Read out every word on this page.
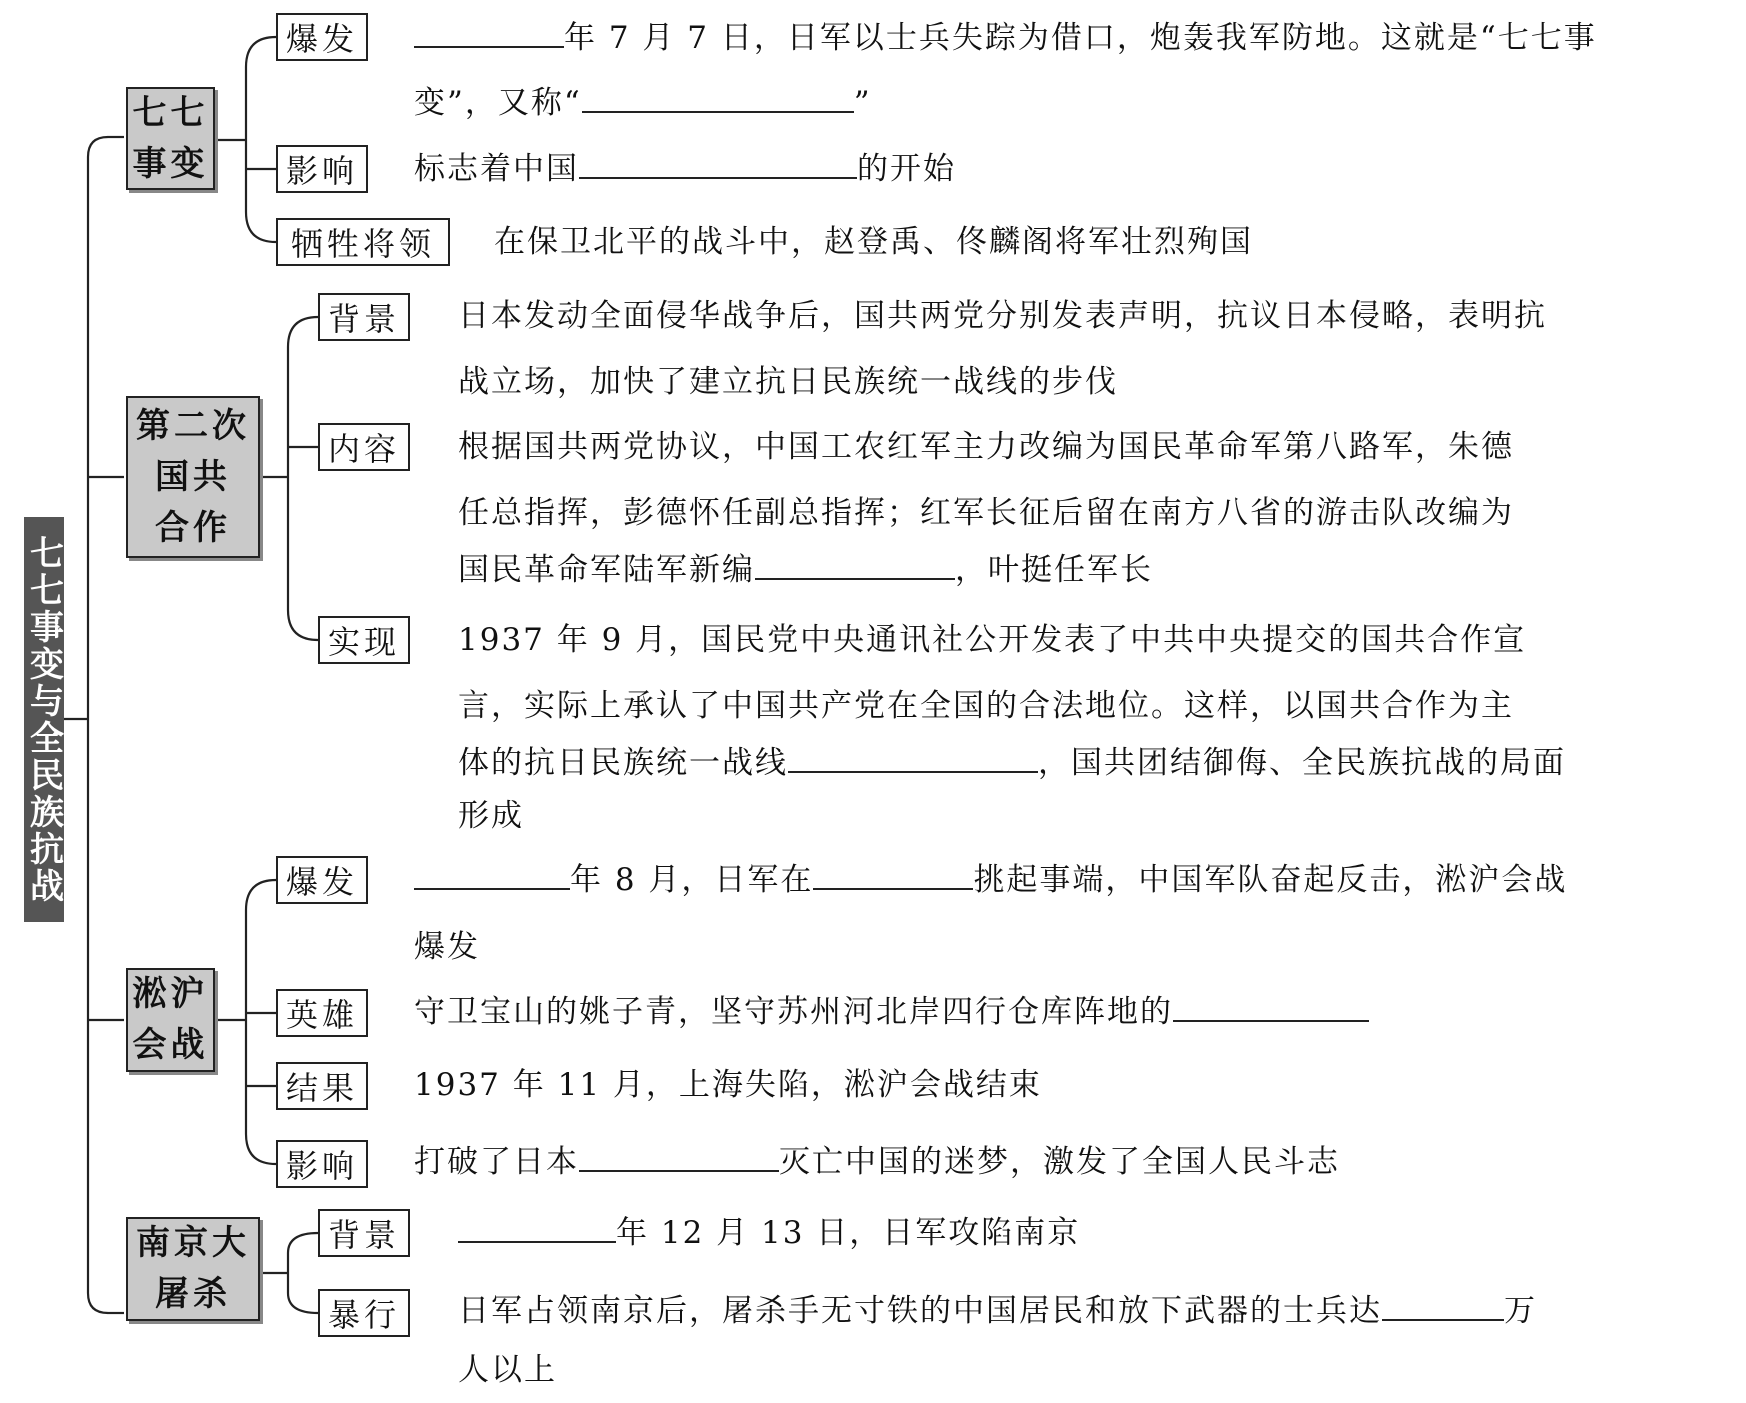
七七事变与全民族抗战
七七
事变
第二次
国共
合作
淞沪
会战
南京大
屠杀
爆发
影响
牺牲将领
背景
内容
实现
爆发
英雄
结果
影响
背景
暴行
年 7 月 7 日，日军以士兵失踪为借口，炮轰我军防地。这就是“七七事
变”，又称“	”
标志着中国	的开始
在保卫北平的战斗中，赵登禹、佟麟阁将军壮烈殉国
日本发动全面侵华战争后，国共两党分别发表声明，抗议日本侵略，表明抗
战立场，加快了建立抗日民族统一战线的步伐
根据国共两党协议，中国工农红军主力改编为国民革命军第八路军，朱德
任总指挥，彭德怀任副总指挥；红军长征后留在南方八省的游击队改编为
国民革命军陆军新编	，叶挺任军长
1937 年 9 月，国民党中央通讯社公开发表了中共中央提交的国共合作宣
言，实际上承认了中国共产党在全国的合法地位。这样，以国共合作为主
体的抗日民族统一战线	，国共团结御侮、全民族抗战的局面
形成
年 8 月，日军在	挑起事端，中国军队奋起反击，淞沪会战
爆发
守卫宝山的姚子青，坚守苏州河北岸四行仓库阵地的
1937 年 11 月，上海失陷，淞沪会战结束
打破了日本	灭亡中国的迷梦，激发了全国人民斗志
年 12 月 13 日，日军攻陷南京
日军占领南京后，屠杀手无寸铁的中国居民和放下武器的士兵达	万
人以上
